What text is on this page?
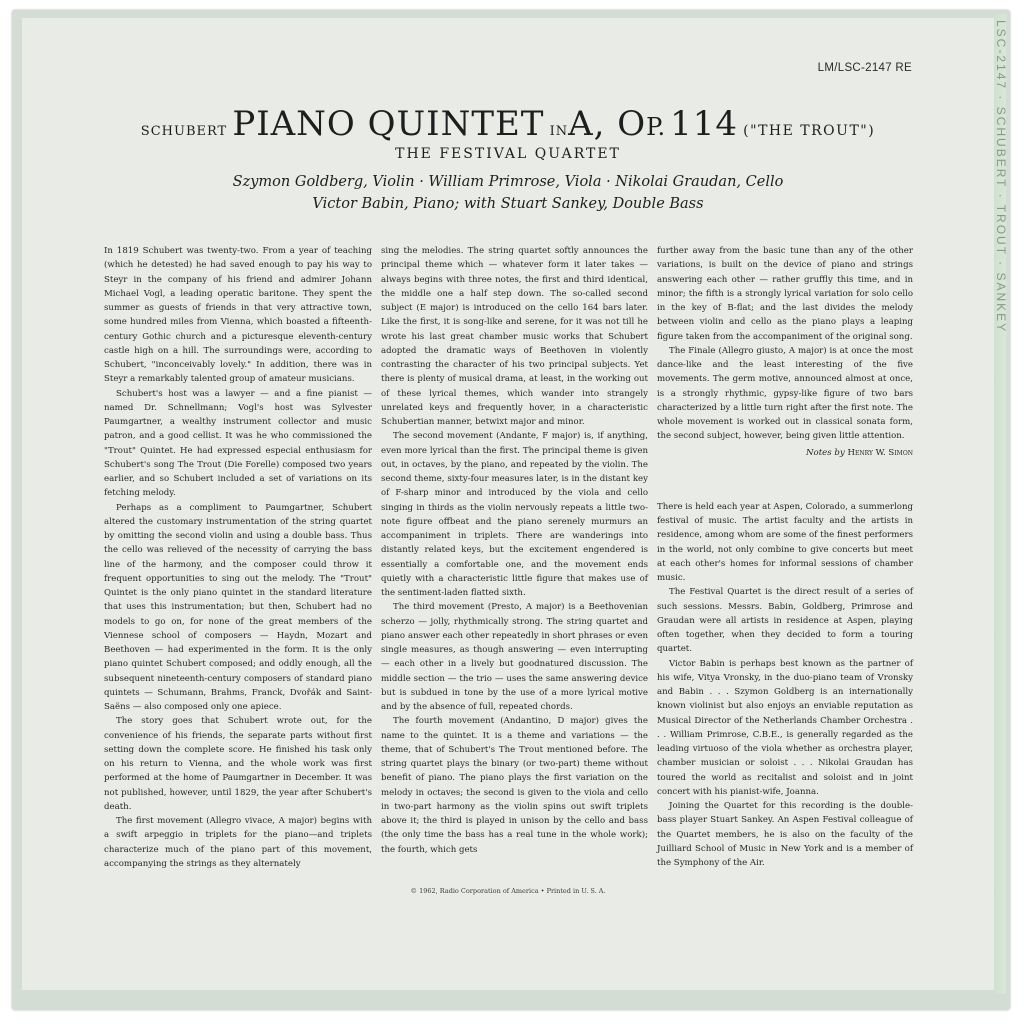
LSC-2147 · SCHUBERT · TROUT · SANKEY
LM/LSC-2147 RE
SCHUBERT PIANO QUINTET INA, OP. 114 ("THE TROUT")
THE FESTIVAL QUARTET
Szymon Goldberg, Violin · William Primrose, Viola · Nikolai Graudan, Cello
Victor Babin, Piano; with Stuart Sankey, Double Bass

In 1819 Schubert was twenty-two. From a year of teaching (which he detested) he had saved enough to pay his way to Steyr in the company of his friend and admirer Johann Michael Vogl, a leading operatic baritone. They spent the summer as guests of friends in that very attractive town, some hundred miles from Vienna, which boasted a fifteenth-century Gothic church and a picturesque eleventh-century castle high on a hill. The surroundings were, according to Schubert, "inconceivably lovely." In addition, there was in Steyr a remarkably talented group of amateur musicians.

Schubert's host was a lawyer — and a fine pianist — named Dr. Schnellmann; Vogl's host was Sylvester Paumgartner, a wealthy instrument collector and music patron, and a good cellist. It was he who commissioned the "Trout" Quintet. He had expressed especial enthusiasm for Schubert's song The Trout (Die Forelle) composed two years earlier, and so Schubert included a set of variations on its fetching melody.

Perhaps as a compliment to Paumgartner, Schubert altered the customary instrumentation of the string quartet by omitting the second violin and using a double bass. Thus the cello was relieved of the necessity of carrying the bass line of the harmony, and the composer could throw it frequent opportunities to sing out the melody. The "Trout" Quintet is the only piano quintet in the standard literature that uses this instrumentation; but then, Schubert had no models to go on, for none of the great members of the Viennese school of composers — Haydn, Mozart and Beethoven — had experimented in the form. It is the only piano quintet Schubert composed; and oddly enough, all the subsequent nineteenth-century composers of standard piano quintets — Schumann, Brahms, Franck, Dvořák and Saint-Saëns — also composed only one apiece.

The story goes that Schubert wrote out, for the convenience of his friends, the separate parts without first setting down the complete score. He finished his task only on his return to Vienna, and the whole work was first performed at the home of Paumgartner in December. It was not published, however, until 1829, the year after Schubert's death.

The first movement (Allegro vivace, A major) begins with a swift arpeggio in triplets for the piano—and triplets characterize much of the piano part of this movement, accompanying the strings as they alternately

sing the melodies. The string quartet softly announces the principal theme which — whatever form it later takes — always begins with three notes, the first and third identical, the middle one a half step down. The so-called second subject (E major) is introduced on the cello 164 bars later. Like the first, it is song-like and serene, for it was not till he wrote his last great chamber music works that Schubert adopted the dramatic ways of Beethoven in violently contrasting the character of his two principal subjects. Yet there is plenty of musical drama, at least, in the working out of these lyrical themes, which wander into strangely unrelated keys and frequently hover, in a characteristic Schubertian manner, betwixt major and minor.

The second movement (Andante, F major) is, if anything, even more lyrical than the first. The principal theme is given out, in octaves, by the piano, and repeated by the violin. The second theme, sixty-four measures later, is in the distant key of F-sharp minor and introduced by the viola and cello singing in thirds as the violin nervously repeats a little two-note figure offbeat and the piano serenely murmurs an accompaniment in triplets. There are wanderings into distantly related keys, but the excitement engendered is essentially a comfortable one, and the movement ends quietly with a characteristic little figure that makes use of the sentiment-laden flatted sixth.

The third movement (Presto, A major) is a Beethovenian scherzo — jolly, rhythmically strong. The string quartet and piano answer each other repeatedly in short phrases or even single measures, as though answering — even interrupting — each other in a lively but goodnatured discussion. The middle section — the trio — uses the same answering device but is subdued in tone by the use of a more lyrical motive and by the absence of full, repeated chords.

The fourth movement (Andantino, D major) gives the name to the quintet. It is a theme and variations — the theme, that of Schubert's The Trout mentioned before. The string quartet plays the binary (or two-part) theme without benefit of piano. The piano plays the first variation on the melody in octaves; the second is given to the viola and cello in two-part harmony as the violin spins out swift triplets above it; the third is played in unison by the cello and bass (the only time the bass has a real tune in the whole work); the fourth, which gets

further away from the basic tune than any of the other variations, is built on the device of piano and strings answering each other — rather gruffly this time, and in minor; the fifth is a strongly lyrical variation for solo cello in the key of B-flat; and the last divides the melody between violin and cello as the piano plays a leaping figure taken from the accompaniment of the original song.

The Finale (Allegro giusto, A major) is at once the most dance-like and the least interesting of the five movements. The germ motive, announced almost at once, is a strongly rhythmic, gypsy-like figure of two bars characterized by a little turn right after the first note. The whole movement is worked out in classical sonata form, the second subject, however, being given little attention.

Notes by Henry W. Simon

There is held each year at Aspen, Colorado, a summerlong festival of music. The artist faculty and the artists in residence, among whom are some of the finest performers in the world, not only combine to give concerts but meet at each other's homes for informal sessions of chamber music.

The Festival Quartet is the direct result of a series of such sessions. Messrs. Babin, Goldberg, Primrose and Graudan were all artists in residence at Aspen, playing often together, when they decided to form a touring quartet.

Victor Babin is perhaps best known as the partner of his wife, Vitya Vronsky, in the duo-piano team of Vronsky and Babin . . . Szymon Goldberg is an internationally known violinist but also enjoys an enviable reputation as Musical Director of the Netherlands Chamber Orchestra . . . William Primrose, C.B.E., is generally regarded as the leading virtuoso of the viola whether as orchestra player, chamber musician or soloist . . . Nikolai Graudan has toured the world as recitalist and soloist and in joint concert with his pianist-wife, Joanna.

Joining the Quartet for this recording is the double-bass player Stuart Sankey. An Aspen Festival colleague of the Quartet members, he is also on the faculty of the Juilliard School of Music in New York and is a member of the Symphony of the Air.

© 1962, Radio Corporation of America • Printed in U. S. A.
